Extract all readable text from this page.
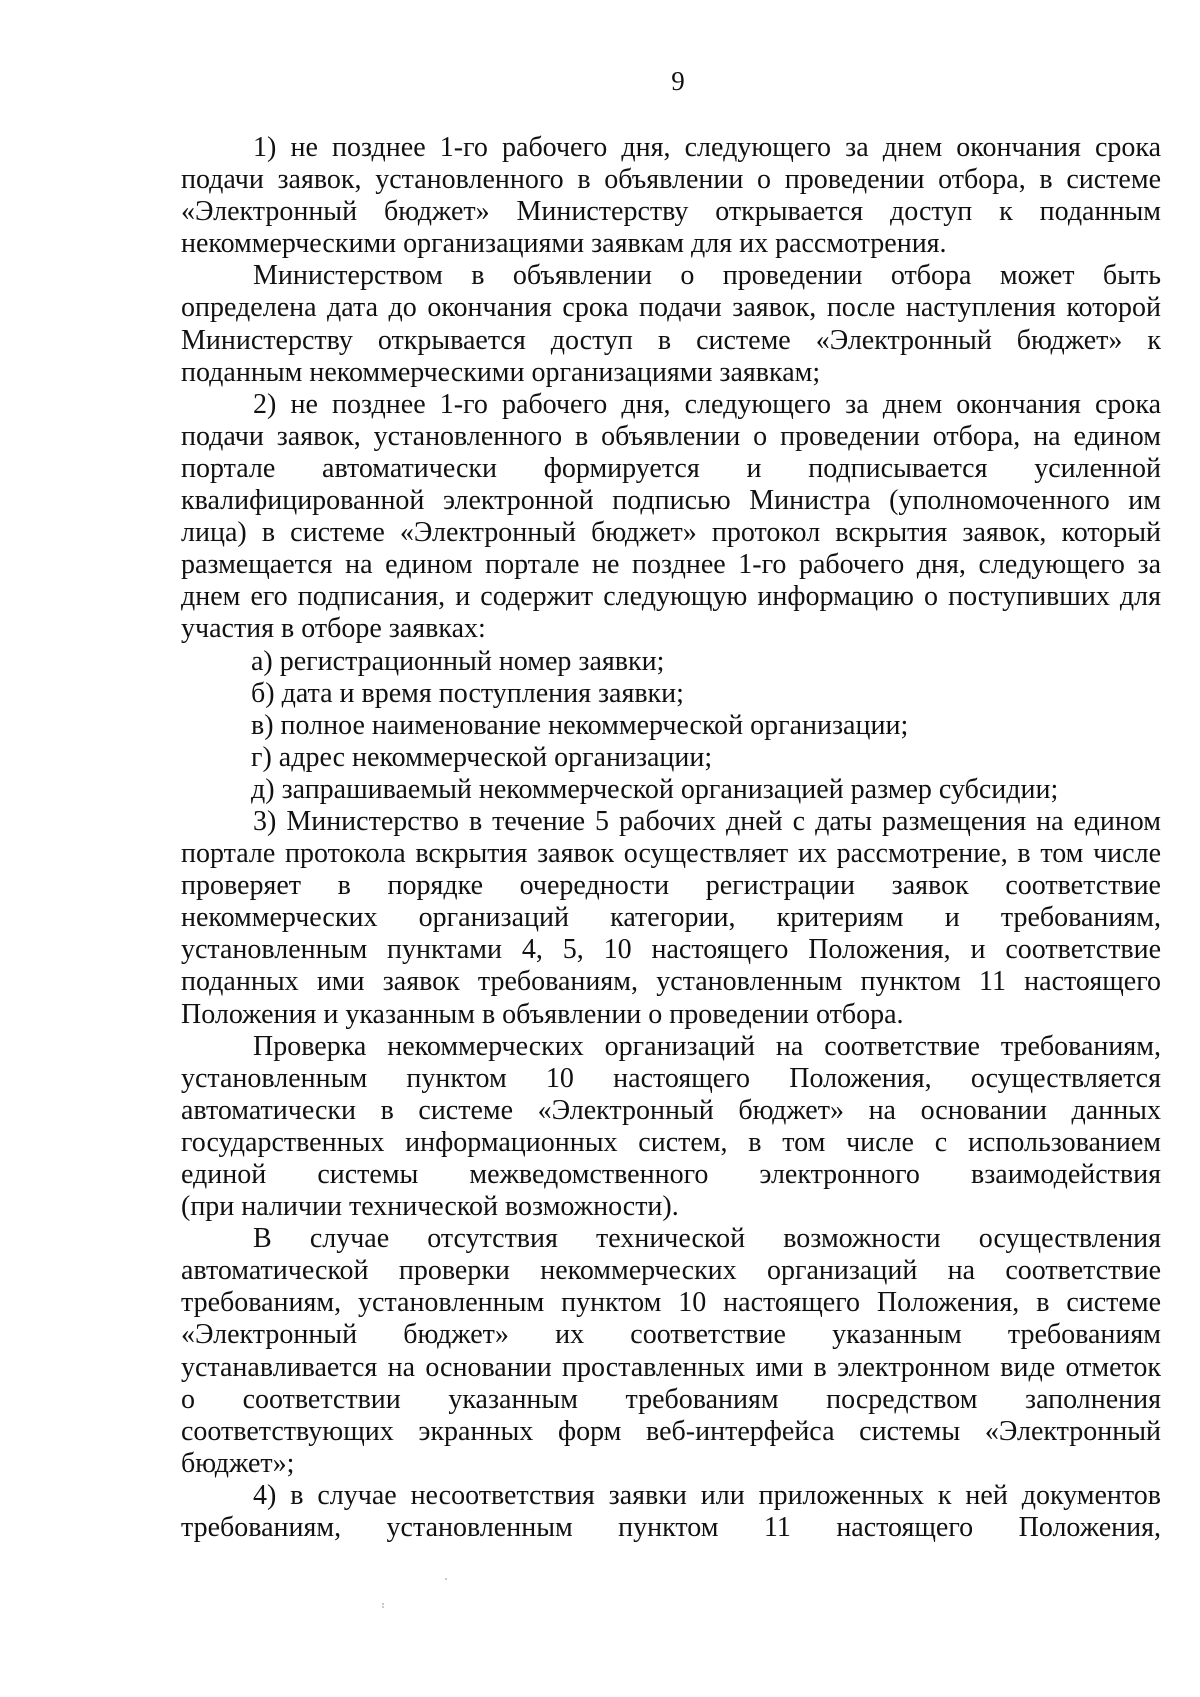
9
1) не позднее 1-го рабочего дня, следующего за днем окончания срока
подачи заявок, установленного в объявлении о проведении отбора, в системе
«Электронный бюджет» Министерству открывается доступ к поданным
некоммерческими организациями заявкам для их рассмотрения.
Министерством в объявлении о проведении отбора может быть
определена дата до окончания срока подачи заявок, после наступления которой
Министерству открывается доступ в системе «Электронный бюджет» к
поданным некоммерческими организациями заявкам;
2) не позднее 1-го рабочего дня, следующего за днем окончания срока
подачи заявок, установленного в объявлении о проведении отбора, на едином
портале автоматически формируется и подписывается усиленной
квалифицированной электронной подписью Министра (уполномоченного им
лица) в системе «Электронный бюджет» протокол вскрытия заявок, который
размещается на едином портале не позднее 1-го рабочего дня, следующего за
днем его подписания, и содержит следующую информацию о поступивших для
участия в отборе заявках:
а) регистрационный номер заявки;
б) дата и время поступления заявки;
в) полное наименование некоммерческой организации;
г) адрес некоммерческой организации;
д) запрашиваемый некоммерческой организацией размер субсидии;
3) Министерство в течение 5 рабочих дней с даты размещения на едином
портале протокола вскрытия заявок осуществляет их рассмотрение, в том числе
проверяет в порядке очередности регистрации заявок соответствие
некоммерческих организаций категории, критериям и требованиям,
установленным пунктами 4, 5, 10 настоящего Положения, и соответствие
поданных ими заявок требованиям, установленным пунктом 11 настоящего
Положения и указанным в объявлении о проведении отбора.
Проверка некоммерческих организаций на соответствие требованиям,
установленным пунктом 10 настоящего Положения, осуществляется
автоматически в системе «Электронный бюджет» на основании данных
государственных информационных систем, в том числе с использованием
единой системы межведомственного электронного взаимодействия
(при наличии технической возможности).
В случае отсутствия технической возможности осуществления
автоматической проверки некоммерческих организаций на соответствие
требованиям, установленным пунктом 10 настоящего Положения, в системе
«Электронный бюджет» их соответствие указанным требованиям
устанавливается на основании проставленных ими в электронном виде отметок
о соответствии указанным требованиям посредством заполнения
соответствующих экранных форм веб-интерфейса системы «Электронный
бюджет»;
4) в случае несоответствия заявки или приложенных к ней документов
требованиям, установленным пунктом 11 настоящего Положения,
